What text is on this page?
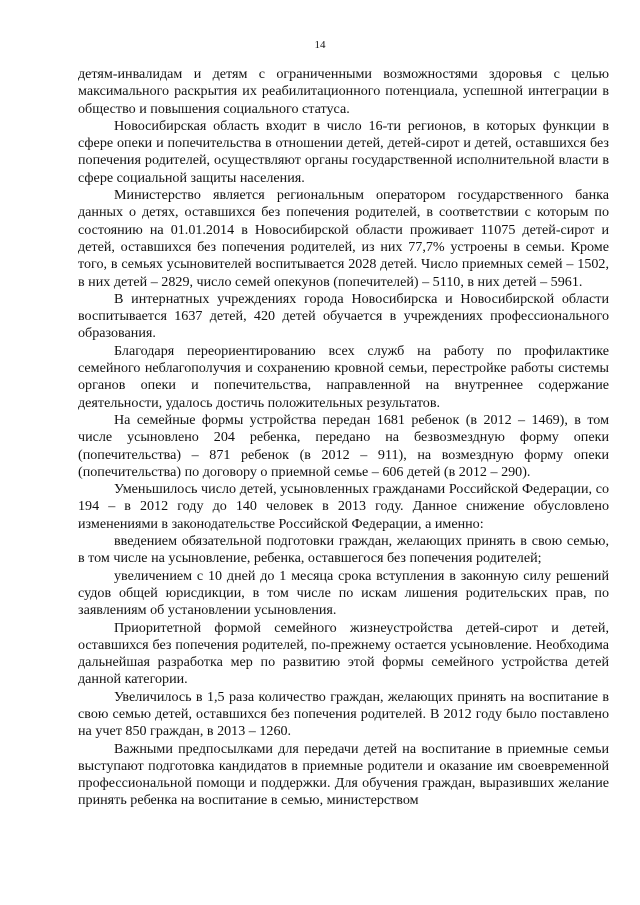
14

детям-инвалидам и детям с ограниченными возможностями здоровья с целью максимального раскрытия их реабилитационного потенциала, успешной интеграции в общество и повышения социального статуса.

Новосибирская область входит в число 16-ти регионов, в которых функции в сфере опеки и попечительства в отношении детей, детей-сирот и детей, оставшихся без попечения родителей, осуществляют органы государственной исполнительной власти в сфере социальной защиты населения.

Министерство является региональным оператором государственного банка данных о детях, оставшихся без попечения родителей, в соответствии с которым по состоянию на 01.01.2014 в Новосибирской области проживает 11075 детей-сирот и детей, оставшихся без попечения родителей, из них 77,7% устроены в семьи. Кроме того, в семьях усыновителей воспитывается 2028 детей. Число приемных семей – 1502, в них детей – 2829, число семей опекунов (попечителей) – 5110, в них детей – 5961.

В интернатных учреждениях города Новосибирска и Новосибирской области воспитывается 1637 детей, 420 детей обучается в учреждениях профессионального образования.

Благодаря переориентированию всех служб на работу по профилактике семейного неблагополучия и сохранению кровной семьи, перестройке работы системы органов опеки и попечительства, направленной на внутреннее содержание деятельности, удалось достичь положительных результатов.

На семейные формы устройства передан 1681 ребенок (в 2012 – 1469), в том числе усыновлено 204 ребенка, передано на безвозмездную форму опеки (попечительства) – 871 ребенок (в 2012 – 911), на возмездную форму опеки (попечительства) по договору о приемной семье – 606 детей (в 2012 – 290).

Уменьшилось число детей, усыновленных гражданами Российской Федерации, со 194 – в 2012 году до 140 человек в 2013 году. Данное снижение обусловлено изменениями в законодательстве Российской Федерации, а именно:

введением обязательной подготовки граждан, желающих принять в свою семью, в том числе на усыновление, ребенка, оставшегося без попечения родителей;

увеличением с 10 дней до 1 месяца срока вступления в законную силу решений судов общей юрисдикции, в том числе по искам лишения родительских прав, по заявлениям об установлении усыновления.

Приоритетной формой семейного жизнеустройства детей-сирот и детей, оставшихся без попечения родителей, по-прежнему остается усыновление. Необходима дальнейшая разработка мер по развитию этой формы семейного устройства детей данной категории.

Увеличилось в 1,5 раза количество граждан, желающих принять на воспитание в свою семью детей, оставшихся без попечения родителей. В 2012 году было поставлено на учет 850 граждан, в 2013 – 1260.

Важными предпосылками для передачи детей на воспитание в приемные семьи выступают подготовка кандидатов в приемные родители и оказание им своевременной профессиональной помощи и поддержки. Для обучения граждан, выразивших желание принять ребенка на воспитание в семью, министерством
